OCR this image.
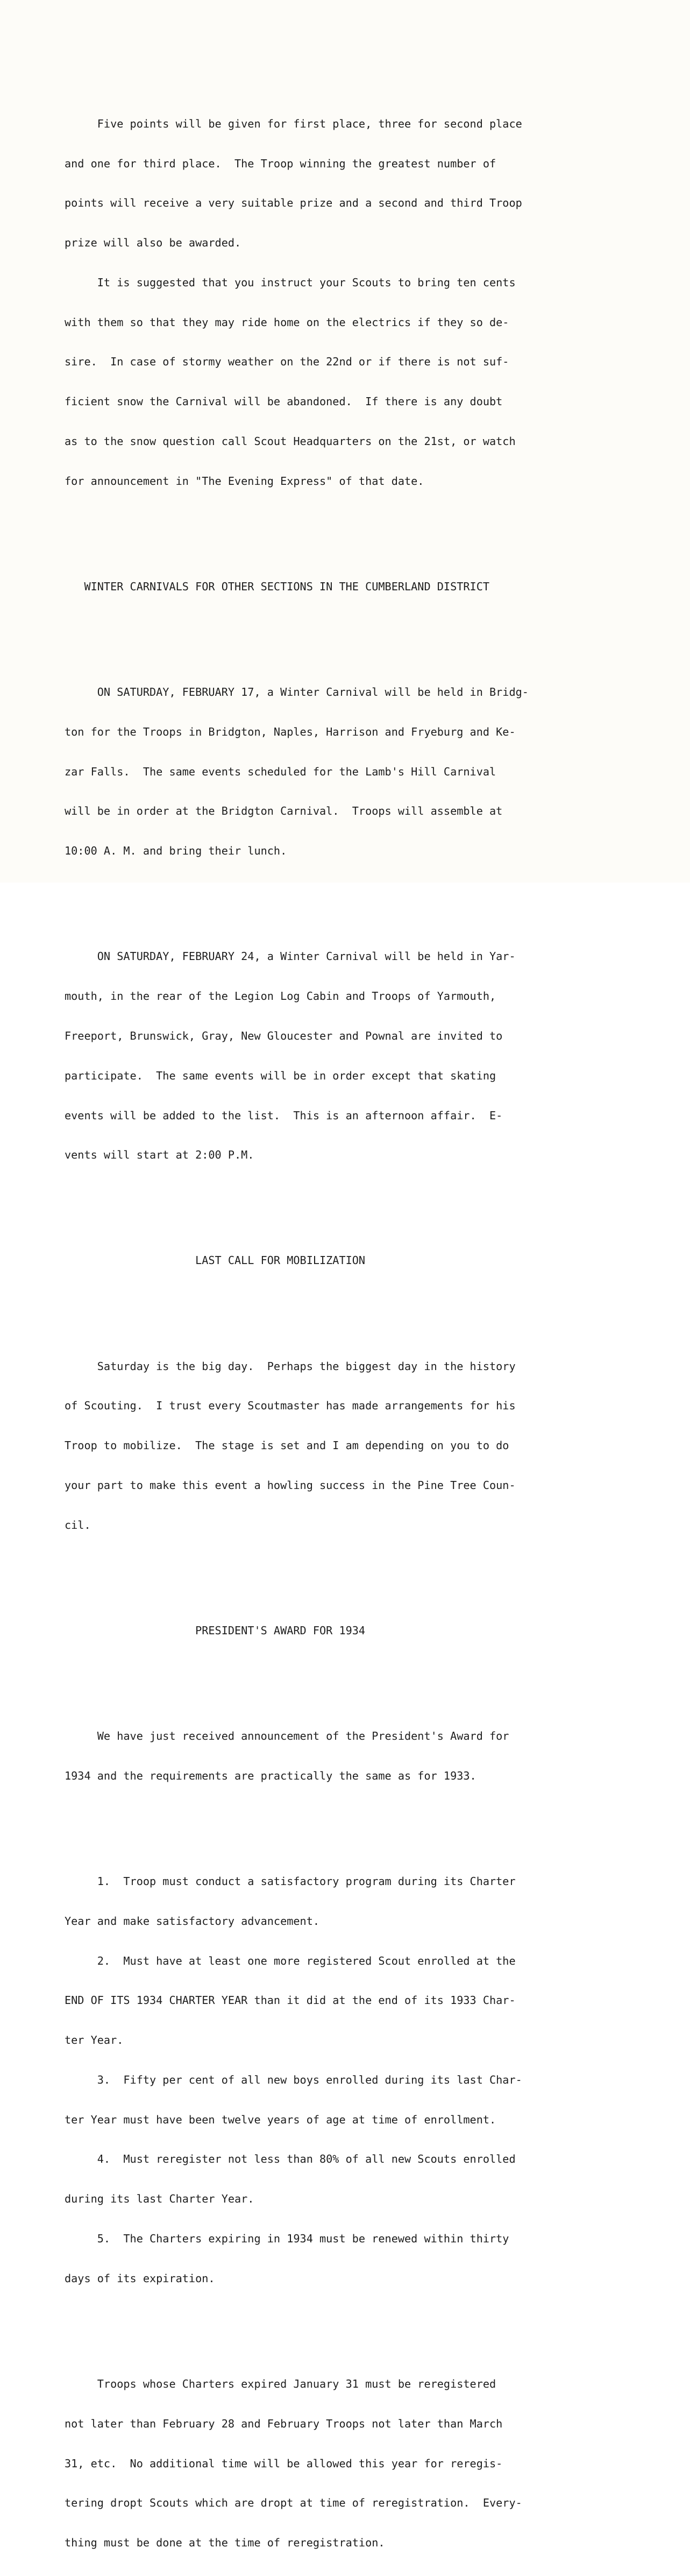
Five points will be given for first place, three for second place

and one for third place.  The Troop winning the greatest number of

points will receive a very suitable prize and a second and third Troop

prize will also be awarded.

It is suggested that you instruct your Scouts to bring ten cents

with them so that they may ride home on the electrics if they so de-

sire.  In case of stormy weather on the 22nd or if there is not suf-

ficient snow the Carnival will be abandoned.  If there is any doubt

as to the snow question call Scout Headquarters on the 21st, or watch

for announcement in "The Evening Express" of that date.

WINTER CARNIVALS FOR OTHER SECTIONS IN THE CUMBERLAND DISTRICT

ON SATURDAY, FEBRUARY 17, a Winter Carnival will be held in Bridg-

ton for the Troops in Bridgton, Naples, Harrison and Fryeburg and Ke-

zar Falls.  The same events scheduled for the Lamb's Hill Carnival

will be in order at the Bridgton Carnival.  Troops will assemble at

10:00 A. M. and bring their lunch.

ON SATURDAY, FEBRUARY 24, a Winter Carnival will be held in Yar-

mouth, in the rear of the Legion Log Cabin and Troops of Yarmouth,

Freeport, Brunswick, Gray, New Gloucester and Pownal are invited to

participate.  The same events will be in order except that skating

events will be added to the list.  This is an afternoon affair.  E-

vents will start at 2:00 P.M.

LAST CALL FOR MOBILIZATION

Saturday is the big day.  Perhaps the biggest day in the history

of Scouting.  I trust every Scoutmaster has made arrangements for his

Troop to mobilize.  The stage is set and I am depending on you to do

your part to make this event a howling success in the Pine Tree Coun-

cil.

PRESIDENT'S AWARD FOR 1934

We have just received announcement of the President's Award for

1934 and the requirements are practically the same as for 1933.

1.  Troop must conduct a satisfactory program during its Charter

Year and make satisfactory advancement.

2.  Must have at least one more registered Scout enrolled at the

END OF ITS 1934 CHARTER YEAR than it did at the end of its 1933 Char-

ter Year.

3.  Fifty per cent of all new boys enrolled during its last Char-

ter Year must have been twelve years of age at time of enrollment.

4.  Must reregister not less than 80% of all new Scouts enrolled

during its last Charter Year.

5.  The Charters expiring in 1934 must be renewed within thirty

days of its expiration.

Troops whose Charters expired January 31 must be reregistered

not later than February 28 and February Troops not later than March

31, etc.  No additional time will be allowed this year for reregis-

tering dropt Scouts which are dropt at time of reregistration.  Every-

thing must be done at the time of reregistration.
